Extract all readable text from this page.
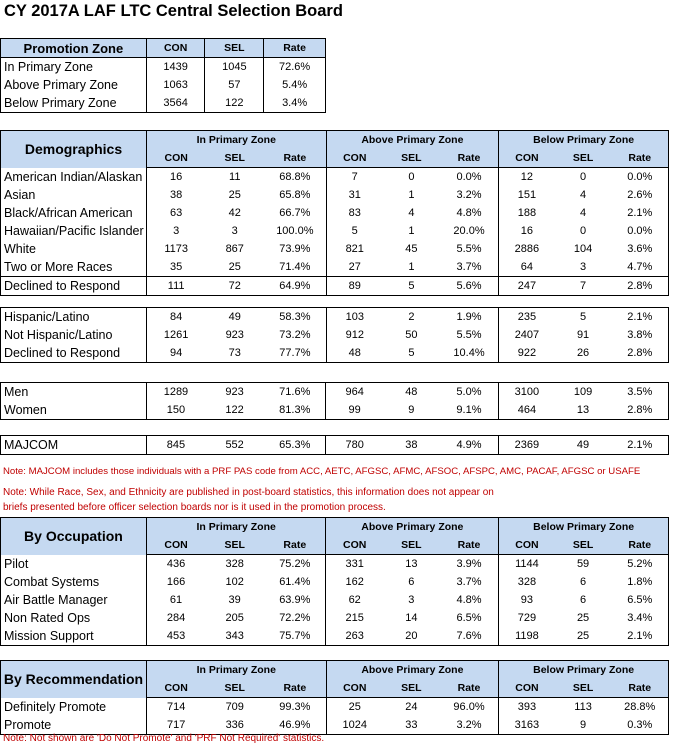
CY 2017A LAF LTC Central Selection Board
Promotion Zone	CON	SEL	Rate
In Primary Zone	1439	1045	72.6%
Above Primary Zone	1063	57	5.4%
Below Primary Zone	3564	122	3.4%
Demographics	In Primary Zone			Above Primary Zone			Below Primary Zone		
	CON	SEL	Rate	CON	SEL	Rate	CON	SEL	Rate
American Indian/Alaskan	16	11	68.8%	7	0	0.0%	12	0	0.0%
Asian	38	25	65.8%	31	1	3.2%	151	4	2.6%
Black/African American	63	42	66.7%	83	4	4.8%	188	4	2.1%
Hawaiian/Pacific Islander	3	3	100.0%	5	1	20.0%	16	0	0.0%
White	1173	867	73.9%	821	45	5.5%	2886	104	3.6%
Two or More Races	35	25	71.4%	27	1	3.7%	64	3	4.7%
Declined to Respond	111	72	64.9%	89	5	5.6%	247	7	2.8%
Hispanic/Latino	84	49	58.3%	103	2	1.9%	235	5	2.1%
Not Hispanic/Latino	1261	923	73.2%	912	50	5.5%	2407	91	3.8%
Declined to Respond	94	73	77.7%	48	5	10.4%	922	26	2.8%
Men	1289	923	71.6%	964	48	5.0%	3100	109	3.5%
Women	150	122	81.3%	99	9	9.1%	464	13	2.8%
MAJCOM	845	552	65.3%	780	38	4.9%	2369	49	2.1%
Note: MAJCOM includes those individuals with a PRF PAS code from ACC, AETC, AFGSC, AFMC, AFSOC, AFSPC, AMC, PACAF, AFGSC or USAFE
Note: While Race, Sex, and Ethnicity are published in post-board statistics, this information does not appear on
briefs presented before officer selection boards nor is it used in the promotion process.
By Occupation	In Primary Zone			Above Primary Zone			Below Primary Zone		
	CON	SEL	Rate	CON	SEL	Rate	CON	SEL	Rate
Pilot	436	328	75.2%	331	13	3.9%	1144	59	5.2%
Combat Systems	166	102	61.4%	162	6	3.7%	328	6	1.8%
Air Battle Manager	61	39	63.9%	62	3	4.8%	93	6	6.5%
Non Rated Ops	284	205	72.2%	215	14	6.5%	729	25	3.4%
Mission Support	453	343	75.7%	263	20	7.6%	1198	25	2.1%
By Recommendation	In Primary Zone			Above Primary Zone			Below Primary Zone		
	CON	SEL	Rate	CON	SEL	Rate	CON	SEL	Rate
Definitely Promote	714	709	99.3%	25	24	96.0%	393	113	28.8%
Promote	717	336	46.9%	1024	33	3.2%	3163	9	0.3%
Note: Not shown are 'Do Not Promote' and 'PRF Not Required' statistics.
